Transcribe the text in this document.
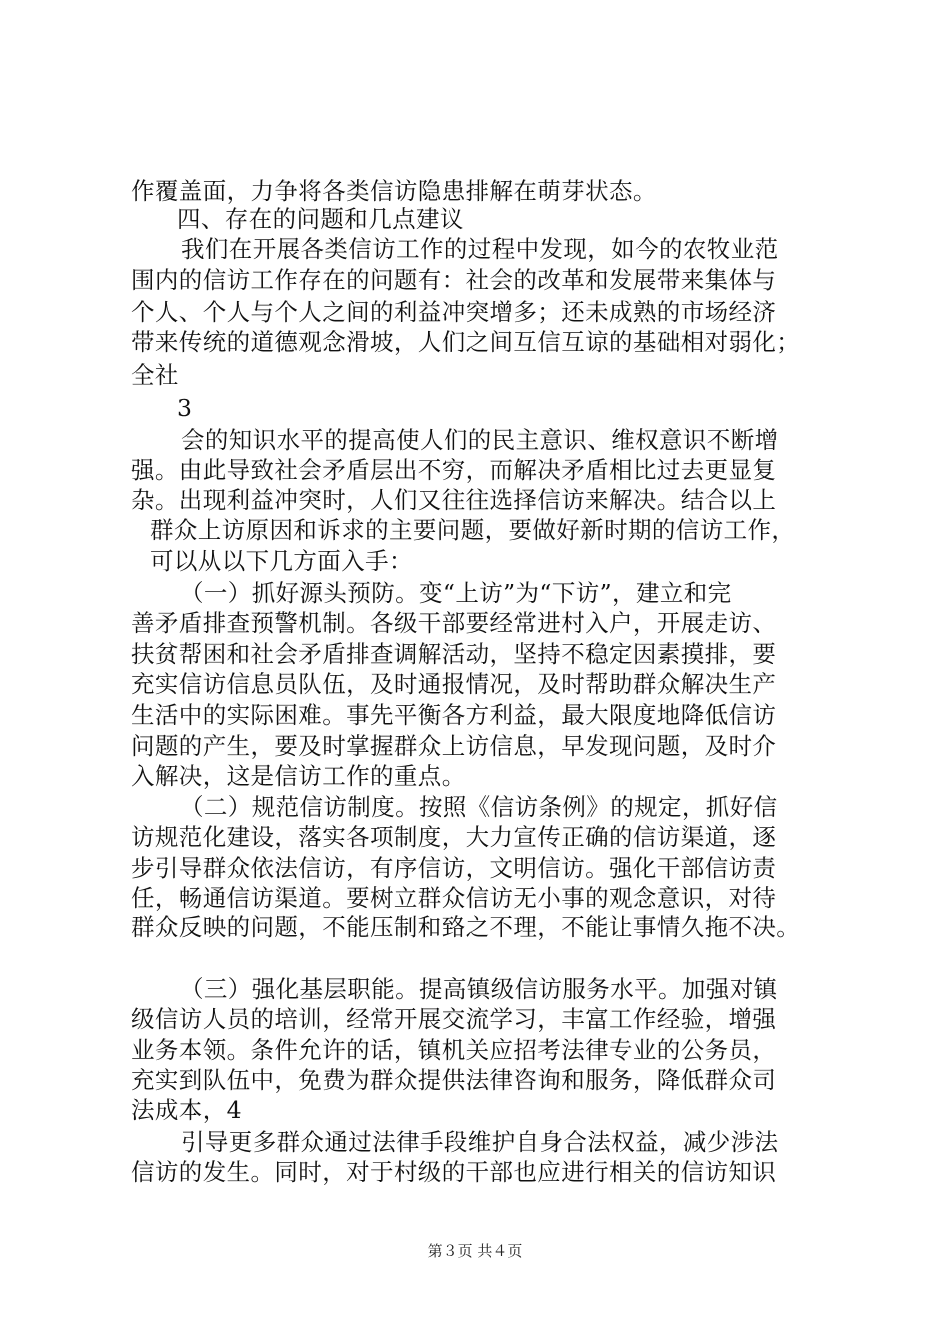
作覆盖面，力争将各类信访隐患排解在萌芽状态。
四、存在的问题和几点建议
我们在开展各类信访工作的过程中发现，如今的农牧业范
围内的信访工作存在的问题有：社会的改革和发展带来集体与
个人、个人与个人之间的利益冲突增多；还未成熟的市场经济
带来传统的道德观念滑坡，人们之间互信互谅的基础相对弱化；
全社
3
会的知识水平的提高使人们的民主意识、维权意识不断增
强。由此导致社会矛盾层出不穷，而解决矛盾相比过去更显复
杂。出现利益冲突时，人们又往往选择信访来解决。结合以上
群众上访原因和诉求的主要问题，要做好新时期的信访工作，
可以从以下几方面入手：
（一）抓好源头预防。变“上访”为“下访”，建立和完
善矛盾排查预警机制。各级干部要经常进村入户，开展走访、
扶贫帮困和社会矛盾排查调解活动，坚持不稳定因素摸排，要
充实信访信息员队伍，及时通报情况，及时帮助群众解决生产
生活中的实际困难。事先平衡各方利益，最大限度地降低信访
问题的产生，要及时掌握群众上访信息，早发现问题，及时介
入解决，这是信访工作的重点。
（二）规范信访制度。按照《信访条例》的规定，抓好信
访规范化建设，落实各项制度，大力宣传正确的信访渠道，逐
步引导群众依法信访，有序信访，文明信访。强化干部信访责
任，畅通信访渠道。要树立群众信访无小事的观念意识，对待
群众反映的问题，不能压制和臵之不理，不能让事情久拖不决。
（三）强化基层职能。提高镇级信访服务水平。加强对镇
级信访人员的培训，经常开展交流学习，丰富工作经验，增强
业务本领。条件允许的话，镇机关应招考法律专业的公务员，
充实到队伍中，免费为群众提供法律咨询和服务，降低群众司
法成本，4
引导更多群众通过法律手段维护自身合法权益，减少涉法
信访的发生。同时，对于村级的干部也应进行相关的信访知识
第３页 共４页
